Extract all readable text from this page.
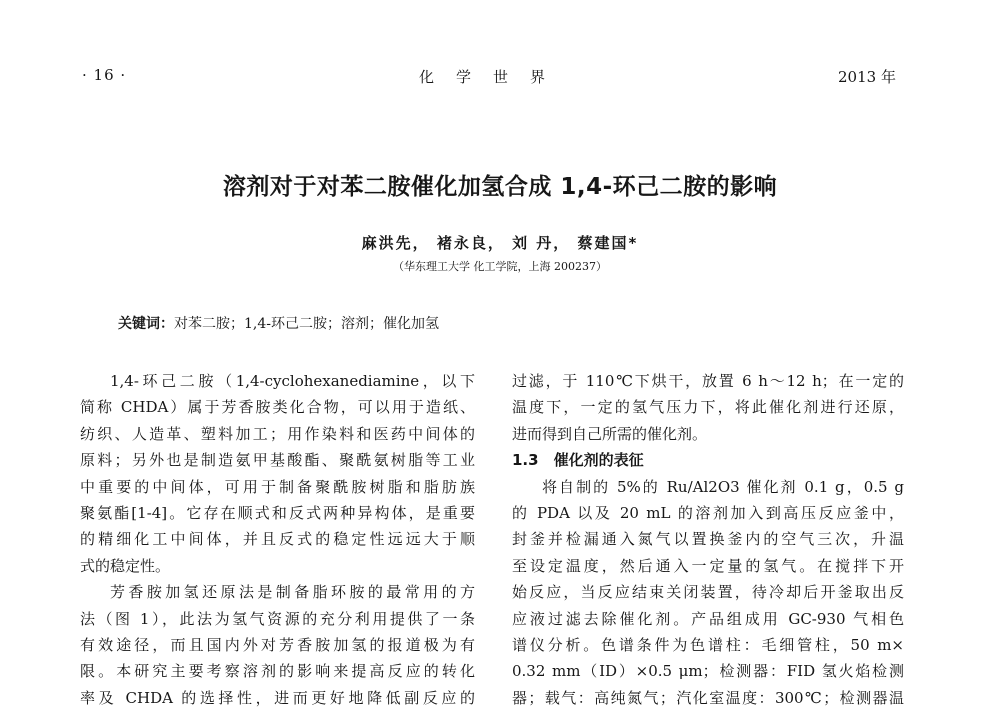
· 16 ·	化学世界	2013 年
溶剂对于对苯二胺催化加氢合成 1,4-环己二胺的影响
麻洪先， 褚永良， 刘 丹， 蔡建国*
（华东理工大学 化工学院，上海 200237）
关键词：对苯二胺；1,4-环己二胺；溶剂；催化加氢
1,4-环己二胺（1,4-cyclohexanediamine，以下
简称 CHDA）属于芳香胺类化合物，可以用于造纸、
纺织、人造革、塑料加工；用作染料和医药中间体的
原料；另外也是制造氨甲基酸酯、聚酰氨树脂等工业
中重要的中间体，可用于制备聚酰胺树脂和脂肪族
聚氨酯[1-4]。它存在顺式和反式两种异构体，是重要
的精细化工中间体，并且反式的稳定性远远大于顺
式的稳定性。
芳香胺加氢还原法是制备脂环胺的最常用的方
法（图 1），此法为氢气资源的充分利用提供了一条
有效途径，而且国内外对芳香胺加氢的报道极为有
限。本研究主要考察溶剂的影响来提高反应的转化
率及 CHDA 的选择性，进而更好地降低副反应的
过滤，于 110℃下烘干，放置 6 h～12 h；在一定的
温度下，一定的氢气压力下，将此催化剂进行还原，
进而得到自己所需的催化剂。
1.3　催化剂的表征
将自制的 5%的 Ru/Al2O3 催化剂 0.1 g，0.5 g
的 PDA 以及 20 mL 的溶剂加入到高压反应釜中，
封釜并检漏通入氮气以置换釜内的空气三次，升温
至设定温度，然后通入一定量的氢气。在搅拌下开
始反应，当反应结束关闭装置，待冷却后开釜取出反
应液过滤去除催化剂。产品组成用 GC-930 气相色
谱仪分析。色谱条件为色谱柱：毛细管柱，50 m×
0.32 mm（ID）×0.5 μm；检测器：FID 氢火焰检测
器；载气：高纯氮气；汽化室温度：300℃；检测器温
